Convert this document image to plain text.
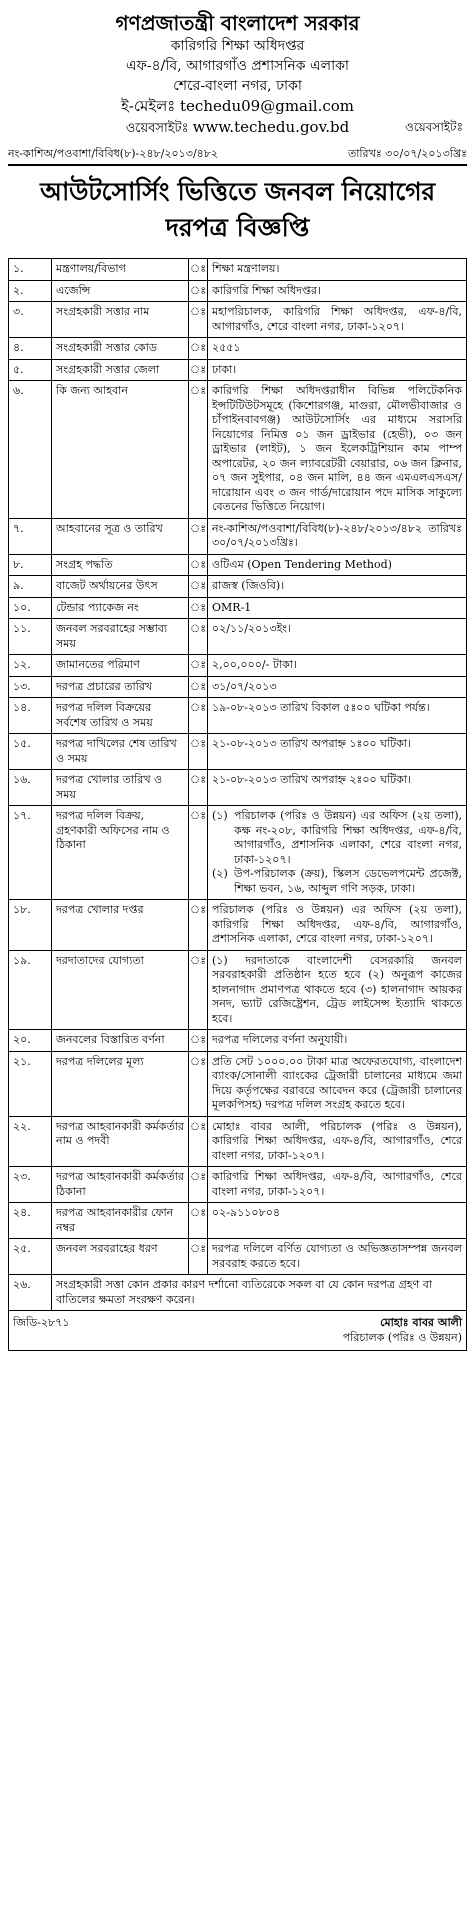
গণপ্রজাতন্ত্রী বাংলাদেশ সরকার
কারিগরি শিক্ষা অধিদপ্তর
এফ-৪/বি, আগারগাঁও প্রশাসনিক এলাকা
শেরে-বাংলা নগর, ঢাকা
ই-মেইলঃ techedu09@gmail.com
ওয়েবসাইটঃ www.techedu.gov.bd	ওয়েবসাইটঃ
নং-কাশিঅ/পওবাশা/বিবিধ(৮)-২৪৮/২০১৩/৪৮২	তারিখঃ ৩০/০৭/২০১৩খ্রিঃ
আউটসোর্সিং ভিত্তিতে জনবল নিয়োগের
দরপত্র বিজ্ঞপ্তি
১.	মন্ত্রণালয়/বিভাগ	ঃ	শিক্ষা মন্ত্রণালয়।
২.	এজেন্সি	ঃ	কারিগরি শিক্ষা অধিদপ্তর।
৩.	সংগ্রহকারী সত্তার নাম	ঃ	মহাপরিচালক, কারিগরি শিক্ষা অধিদপ্তর, এফ-৪/বি, আগারগাঁও, শেরে বাংলা নগর, ঢাকা-১২০৭।
৪.	সংগ্রহকারী সত্তার কোড	ঃ	২৫৫১
৫.	সংগ্রহকারী সত্তার জেলা	ঃ	ঢাকা।
৬.	কি জন্য আহবান	ঃ	কারিগরি শিক্ষা অধিদপ্তরাধীন বিভিন্ন পলিটেকনিক ইন্সটিটিউটসমূহে (কিশোরগঞ্জ, মাগুরা, মৌলভীবাজার ও চাঁপাইনবাবগঞ্জ) আউটসোর্সিং এর মাধ্যমে সরাসরি নিয়োগের নিমিত্ত ০১ জন ড্রাইভার (হেভী), ০৩ জন ড্রাইভার (লাইট), ১ জন ইলেকট্রিশিয়ান কাম পাম্প অপারেটর, ২০ জন ল্যাবরেটরী বেয়ারার, ০৬ জন ক্লিনার, ০৭ জন সুইপার, ০৪ জন মালি, ৪৪ জন এমএলএসএস/দারোয়ান এবং ৩ জন গার্ড/দারোয়ান পদে মাসিক সাকুল্যে বেতনের ভিত্তিতে নিয়োগ।
৭.	আহবানের সূত্র ও তারিখ	ঃ	নং-কাশিঅ/পওবাশা/বিবিধ(৮)-২৪৮/২০১৩/৪৮২ তারিখঃ ৩০/০৭/২০১৩খ্রিঃ।
৮.	সংগ্রহ পদ্ধতি	ঃ	ওটিএম (Open Tendering Method)
৯.	বাজেট অর্থায়নের উৎস	ঃ	রাজস্ব (জিওবি)।
১০.	টেন্ডার প্যাকেজ নং	ঃ	OMR-1
১১.	জনবল সরবরাহের সম্ভাব্য সময়	ঃ	০২/১১/২০১৩ইং।
১২.	জামানতের পরিমাণ	ঃ	২,০০,০০০/- টাকা।
১৩.	দরপত্র প্রচারের তারিখ	ঃ	৩১/০৭/২০১৩
১৪.	দরপত্র দলিল বিক্রয়ের সর্বশেষ তারিখ ও সময়	ঃ	১৯-০৮-২০১৩ তারিখ বিকাল ৫ঃ০০ ঘটিকা পর্যন্ত।
১৫.	দরপত্র দাখিলের শেষ তারিখ ও সময়	ঃ	২১-০৮-২০১৩ তারিখ অপরাহ্ন ১ঃ০০ ঘটিকা।
১৬.	দরপত্র খোলার তারিখ ও সময়	ঃ	২১-০৮-২০১৩ তারিখ অপরাহ্ন ২ঃ০০ ঘটিকা।
১৭.	দরপত্র দলিল বিক্রয়, গ্রহণকারী অফিসের নাম ও ঠিকানা	ঃ	(১) পরিচালক (পরিঃ ও উন্নয়ন) এর অফিস (২য় তলা), কক্ষ নং-২০৮, কারিগরি শিক্ষা অধিদপ্তর, এফ-৪/বি, আগারগাঁও, প্রশাসনিক এলাকা, শেরে বাংলা নগর, ঢাকা-১২০৭।
(২) উপ-পরিচালক (ক্রয়), স্কিলস ডেভেলপমেন্ট প্রজেক্ট, শিক্ষা ভবন, ১৬, আব্দুল গণি সড়ক, ঢাকা।

১৮.	দরপত্র খোলার দপ্তর	ঃ	পরিচালক (পরিঃ ও উন্নয়ন) এর অফিস (২য় তলা), কারিগরি শিক্ষা অধিদপ্তর, এফ-৪/বি, আগারগাঁও, প্রশাসনিক এলাকা, শেরে বাংলা নগর, ঢাকা-১২০৭।
১৯.	দরদাতাদের যোগ্যতা	ঃ	(১) দরদাতাকে বাংলাদেশী বেসরকারি জনবল সরবরাহকারী প্রতিষ্ঠান হতে হবে (২) অনুরূপ কাজের হালনাগাদ প্রমাণপত্র থাকতে হবে (৩) হালনাগাদ আয়কর সনদ, ভ্যাট রেজিষ্ট্রেশন, ট্রেড লাইসেন্স ইত্যাদি থাকতে হবে।
২০.	জনবলের বিস্তারিত বর্ণনা	ঃ	দরপত্র দলিলের বর্ণনা অনুযায়ী।
২১.	দরপত্র দলিলের মূল্য	ঃ	প্রতি সেট ১০০০.০০ টাকা মাত্র অফেরতযোগ্য, বাংলাদেশ ব্যাংক/সোনালী ব্যাংকের ট্রেজারী চালানের মাধ্যমে জমা দিয়ে কর্তৃপক্ষের বরাবরে আবেদন করে (ট্রেজারী চালানের মূলকপিসহ) দরপত্র দলিল সংগ্রহ করতে হবে।
২২.	দরপত্র আহবানকারী কর্মকর্তার নাম ও পদবী	ঃ	মোহাঃ বাবর আলী, পরিচালক (পরিঃ ও উন্নয়ন), কারিগরি শিক্ষা অধিদপ্তর, এফ-৪/বি, আগারগাঁও, শেরে বাংলা নগর, ঢাকা-১২০৭।
২৩.	দরপত্র আহবানকারী কর্মকর্তার ঠিকানা	ঃ	কারিগরি শিক্ষা অধিদপ্তর, এফ-৪/বি, আগারগাঁও, শেরে বাংলা নগর, ঢাকা-১২০৭।
২৪.	দরপত্র আহবানকারীর ফোন নম্বর	ঃ	০২-৯১১০৮০৪
২৫.	জনবল সরবরাহের ধরণ	ঃ	দরপত্র দলিলে বর্ণিত যোগ্যতা ও অভিজ্ঞতাসম্পন্ন জনবল সরবরাহ করতে হবে।
২৬.	সংগ্রহকারী সত্তা কোন প্রকার কারণ দর্শানো ব্যতিরেকে সকল বা যে কোন দরপত্র গ্রহণ বা বাতিলের ক্ষমতা সংরক্ষণ করেন।		
জিডি-২৮৭১	মোহাঃ বাবর আলী
পরিচালক (পরিঃ ও উন্নয়ন)
